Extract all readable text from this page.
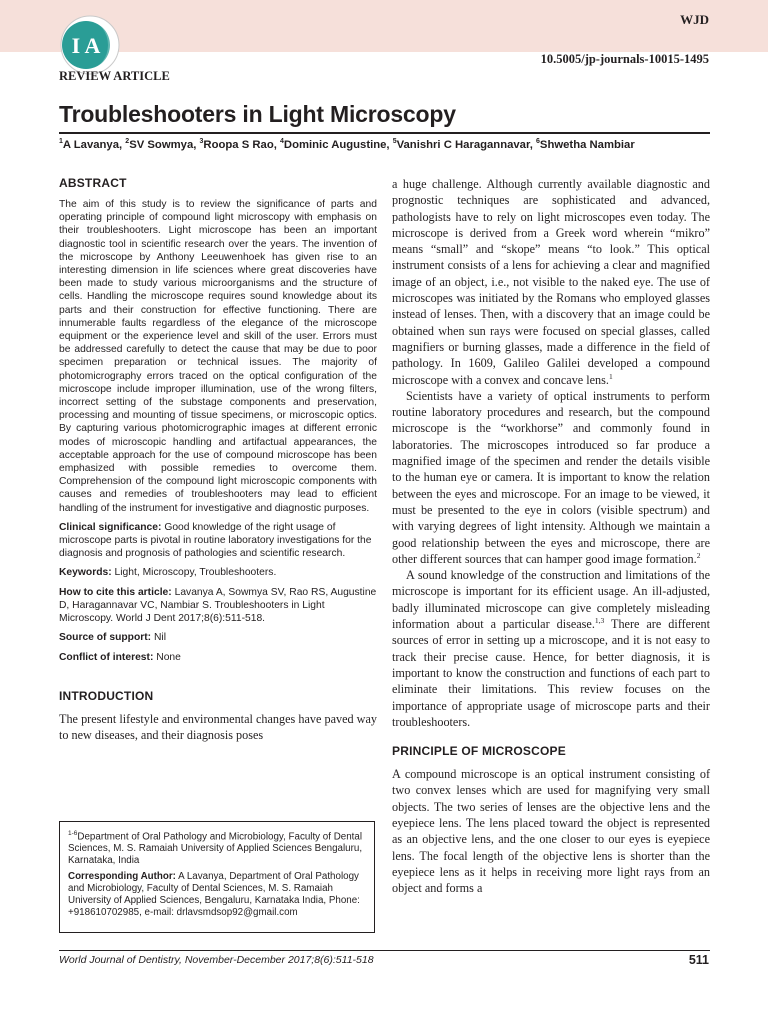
I A
WJD
10.5005/jp-journals-10015-1495
REVIEW ARTICLE
Troubleshooters in Light Microscopy
$^1$A Lavanya, $^2$SV Sowmya, $^3$Roopa S Rao, $^4$Dominic Augustine, $^5$Vanishri C Haragannavar, $^6$Shwetha Nambiar
ABSTRACT

The aim of this study is to review the significance of parts and operating principle of compound light microscopy with emphasis on their troubleshooters. Light microscope has been an important diagnostic tool in scientific research over the years. The invention of the microscope by Anthony Leeuwenhoek has given rise to an interesting dimension in life sciences where great discoveries have been made to study various microorganisms and the structure of cells. Handling the microscope requires sound knowledge about its parts and their construction for effective functioning. There are innumerable faults regardless of the elegance of the microscope equipment or the experience level and skill of the user. Errors must be addressed carefully to detect the cause that may be due to poor specimen preparation or technical issues. The majority of photomicrography errors traced on the optical configuration of the microscope include improper illumination, use of the wrong filters, incorrect setting of the substage components and preservation, processing and mounting of tissue specimens, or microscopic optics. By capturing various photomicrographic images at different erronic modes of microscopic handling and artifactual appearances, the acceptable approach for the use of compound microscope has been emphasized with possible remedies to overcome them. Comprehension of the compound light microscopic components with causes and remedies of troubleshooters may lead to efficient handling of the instrument for investigative and diagnostic purposes.

Clinical significance: Good knowledge of the right usage of microscope parts is pivotal in routine laboratory investigations for the diagnosis and prognosis of pathologies and scientific research.

Keywords: Light, Microscopy, Troubleshooters.

How to cite this article: Lavanya A, Sowmya SV, Rao RS, Augustine D, Haragannavar VC, Nambiar S. Troubleshooters in Light Microscopy. World J Dent 2017;8(6):511-518.

Source of support: Nil

Conflict of interest: None

INTRODUCTION

The present lifestyle and environmental changes have paved way to new diseases, and their diagnosis poses

a huge challenge. Although currently available diagnostic and prognostic techniques are sophisticated and advanced, pathologists have to rely on light microscopes even today. The microscope is derived from a Greek word wherein “mikro” means “small” and “skope” means “to look.” This optical instrument consists of a lens for achieving a clear and magnified image of an object, i.e., not visible to the naked eye. The use of microscopes was initiated by the Romans who employed glasses instead of lenses. Then, with a discovery that an image could be obtained when sun rays were focused on special glasses, called magnifiers or burning glasses, made a difference in the field of pathology. In 1609, Galileo Galilei developed a compound microscope with a convex and concave lens.$^1$

Scientists have a variety of optical instruments to perform routine laboratory procedures and research, but the compound microscope is the “workhorse” and commonly found in laboratories. The microscopes introduced so far produce a magnified image of the specimen and render the details visible to the human eye or camera. It is important to know the relation between the eyes and microscope. For an image to be viewed, it must be presented to the eye in colors (visible spectrum) and with varying degrees of light intensity. Although we maintain a good relationship between the eyes and microscope, there are other different sources that can hamper good image formation.$^2$

A sound knowledge of the construction and limitations of the microscope is important for its efficient usage. An ill-adjusted, badly illuminated microscope can give completely misleading information about a particular disease.$^{1,3}$ There are different sources of error in setting up a microscope, and it is not easy to track their precise cause. Hence, for better diagnosis, it is important to know the construction and functions of each part to eliminate their limitations. This review focuses on the importance of appropriate usage of microscope parts and their troubleshooters.

PRINCIPLE OF MICROSCOPE

A compound microscope is an optical instrument consisting of two convex lenses which are used for magnifying very small objects. The two series of lenses are the objective lens and the eyepiece lens. The lens placed toward the object is represented as an objective lens, and the one closer to our eyes is eyepiece lens. The focal length of the objective lens is shorter than the eyepiece lens as it helps in receiving more light rays from an object and forms a

$^{1-6}$Department of Oral Pathology and Microbiology, Faculty of Dental Sciences, M. S. Ramaiah University of Applied Sciences Bengaluru, Karnataka, India

Corresponding Author: A Lavanya, Department of Oral Pathology and Microbiology, Faculty of Dental Sciences, M. S. Ramaiah University of Applied Sciences, Bengaluru, Karnataka India, Phone: +918610702985, e-mail: drlavsmdsop92@gmail.com

World Journal of Dentistry, November-December 2017;8(6):511-518	511
